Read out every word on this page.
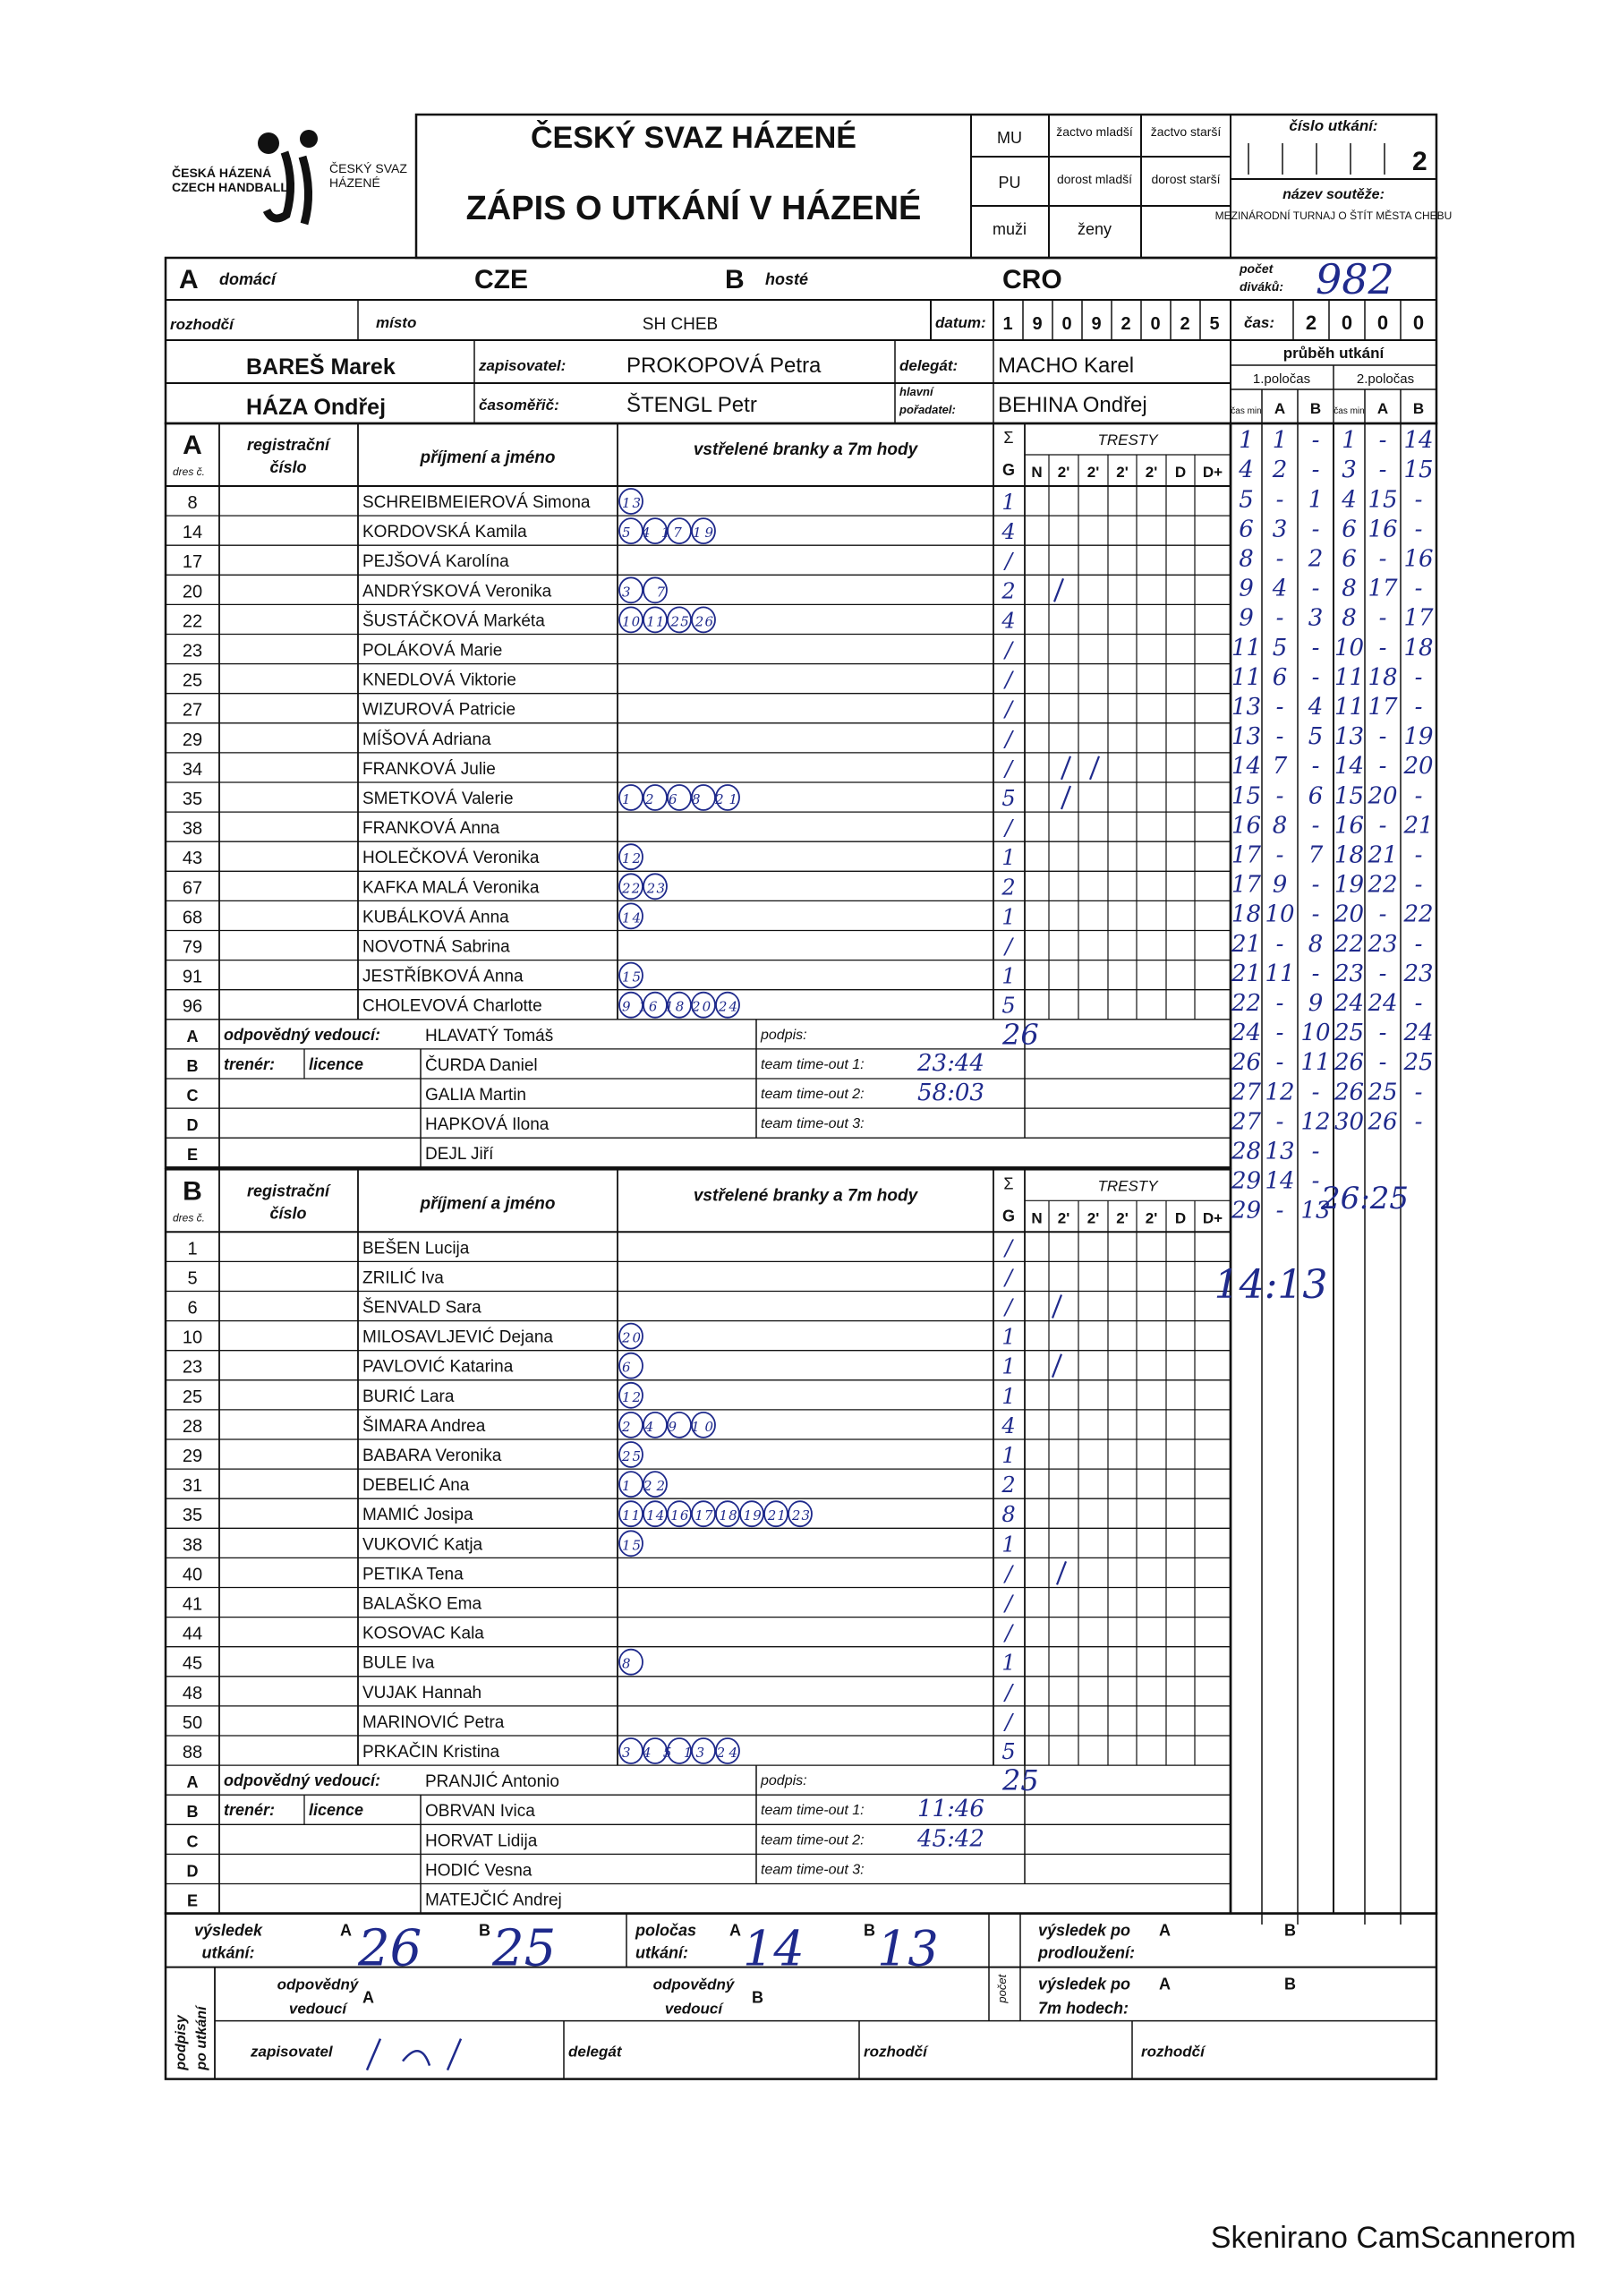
ČESKÁ HÁZENÁ CZECH HANDBALL
ČESKÝ SVAZ HÁZENÉ
ČESKÝ SVAZ HÁZENÉ
ZÁPIS O UTKÁNÍ V HÁZENÉ
MU
PU
muži
žactvo mladší žactvo starší
dorost mladší dorost starší
ženy
číslo utkání:
2
název soutěže:
MEZINÁRODNÍ TURNAJ O ŠTÍT MĚSTA CHEBU
A domácí	CZE	B hosté	CRO	počet
diváků: 982
rozhodčí	místo	SH CHEB	datum: 1 9 0 9 2 0 2 5 čas: 2 0 0 0
BAREŠ Marek
HÁZA Ondřej
zapisovatel:	PROKOPOVÁ Petra
časoměřič:	ŠTENGL Petr
delegát: MACHO Karel
hlavní
pořadatel: BEHINA Ondřej
průběh utkání
1.poločas	2.poločas
čas min A B čas min A B
A
dres č.
registrační
číslo	příjmení a jméno	vstřelené branky a 7m hody
Σ
G
TRESTY
N 2' 2' 2' 2' D D+
8	SCHREIBMEIEROVÁ Simona 13	1
14	KORDOVSKÁ Kamila	5 4 17 19	4
17	PEJŠOVÁ Karolína	/
20	ANDRÝSKOVÁ Veronika	3 7	2
22	ŠUSTÁČKOVÁ Markéta	10 11 25 26	4
23	POLÁKOVÁ Marie	/
25	KNEDLOVÁ Viktorie	/
27	WIZUROVÁ Patricie	/
29	MÍŠOVÁ Adriana	/
34	FRANKOVÁ Julie	/
35	SMETKOVÁ Valerie	1 2 6 8 21	5
38	FRANKOVÁ Anna	/
43	HOLEČKOVÁ Veronika	12	1
67	KAFKA MALÁ Veronika	22 23	2
68	KUBÁLKOVÁ Anna	14	1
79	NOVOTNÁ Sabrina	/
91	JESTŘÍBKOVÁ Anna	15	1
96	CHOLEVOVÁ Charlotte	9 16 18 20 24	5
A odpovědný vedoucí:	HLAVATÝ Tomáš	podpis:
B trenér: licence	ČURDA Daniel	team time-out 1: 23:44
C	GALIA Martin	team time-out 2: 58:03
D	HAPKOVÁ Ilona	team time-out 3:
E	DEJL Jiří
26
B
dres č.
registrační
číslo	příjmení a jméno	vstřelené branky a 7m hody
Σ
G
TRESTY
N 2' 2' 2' 2' D D+
1	BEŠEN Lucija	/
5	ZRILIĆ Iva	/
6	ŠENVALD Sara	/
10	MILOSAVLJEVIĆ Dejana	20	1
23	PAVLOVIĆ Katarina	6	1
25	BURIĆ Lara	12	1
28	ŠIMARA Andrea	2 4 9 10	4
29	BABARA Veronika	25	1
31	DEBELIĆ Ana	1 22	2
35	MAMIĆ Josipa	11 14 16 17 18 19 21 23	8
38	VUKOVIĆ Katja	15	1
40	PETIKA Tena	/
41	BALAŠKO Ema	/
44	KOSOVAC Kala	/
45	BULE Iva	8	1
48	VUJAK Hannah	/
50	MARINOVIĆ Petra	/
88	PRKAČIN Kristina	3 4 5 13 24	5
A odpovědný vedoucí:	PRANJIĆ Antonio	podpis:
B trenér: licence	OBRVAN Ivica	team time-out 1: 11:46
C	HORVAT Lidija	team time-out 2: 45:42
D	HODIĆ Vesna	team time-out 3:
E	MATEJČIĆ Andrej
25
1 1 - 1 - 14
4 2 - 3 - 15
5 - 1 4 15 -
6 3 - 6 16 -
8 - 2 6 - 16
9 4 - 8 17 -
9 - 3 8 - 17
11 5 - 10 - 18
11 6 - 11 18 -
13 - 4 11 17 -
13 - 5 13 - 19
14 7 - 14 - 20
15 - 6 15 20 -
16 8 - 16 - 21
17 - 7 18 21 -
17 9 - 19 22 -
18 10 - 20 - 22
21 - 8 22 23 -
21 11 - 23 - 23
22 - 9 24 24 -
24 - 10 25 - 24
26 - 11 26 - 25
27 12 - 26 25 -
27 - 12 30 26 -
28 13 -
29 14 -
29 - 13
26:25
14:13
výsledek
utkání:
A 26	B 25	poločas
utkání:
A 14	B 13
počet
výsledek po
prodloužení:
A	B
podpisy po utkání
odpovědný
vedoucí
A
odpovědný
vedoucí
B
výsledek po
7m hodech:
A	B
zapisovatel	delegát	rozhodčí	rozhodčí
Skenirano CamScannerom
